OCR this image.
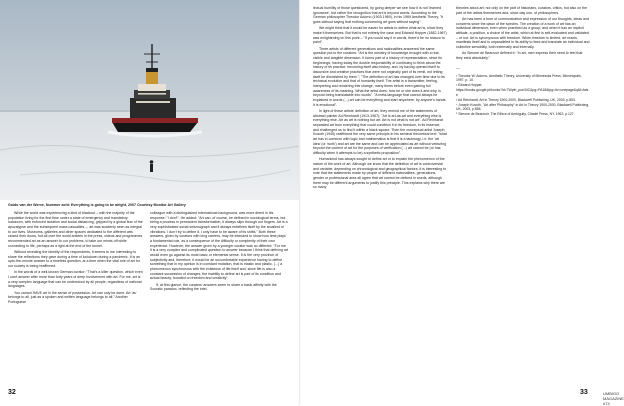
Guido van der Werve, Nummer acht: Everything is going to be alright, 2007 Courtesy Monitor Art Gallery

While the world was experiencing a kind of blackout – with the majority of the population living for the first time under a state of emergency and mandatory lockdown, with enforced isolation and social distancing, gripped by a global fear of the apocalypse and the subsequent mass casualties –, art was suddenly seen as integral to our lives. Museums, galleries and other spaces dedicated to the different arts closed their doors, but all over the world articles in the press, videos and programmes recommended art as an answer to our problems, to take our minds off while connecting to life, perhaps as a light at the end of the tunnel.

Without revealing the identity of the respondents, it seems to me interesting to share the reflections they gave during a time of lockdown during a pandemic. It is an upto-the-minute answer to a timeless question, at a time when the vital role of art for our society is being reaffirmed.

In the words of a well-known German curator: "That's a killer question, which even I can't answer after more than forty years of deep involvement with art. For me, art is a very complex language that can be understood by all people, regardless of national languages.

You cannot HAVE art in the sense of possession. Art can only be done. Art 'as' belongs to all, just as a spoken and written language belongs to all." Another Portuguese

colleague with a distinguished international background, was more direct in his response: "I don't". He added: "Art can, of course, be defined in sociological terms, but being a process in permanent transformation, it always slips through our fingers. Art is a very sophisticated social seismograph and it always redefines itself by the smallest of vibrations. I don't try to define it, I only have to be aware of its shifts." Both these answers, given by curators with long careers, may be intended to show how time plays a fundamental role, as a consequence of the difficulty or complexity of their own experience. However, the answer given by a younger curator was no different: "For me it is a very complex and complicated question to answer because I think that defining art would even go against its most basic or elemental sense. It is the very province of subjectivity and, therefore, it would be an uncomfortable experience having to define something that in my opinion is in constant mutation, that is elastic and plastic, (...) a phenomenon synchronous with the existence of life itself and, since life is also a constant succession of changes, the inability to define art is part of its condition and actual beauty, founded on freedom and creativity".

If, at first glance, the curators' answers seem to share a basic affinity with the Socratic paradox, reflecting the intel-

32

lectual humility of those questioned, by going deeper we see how it is not 'learned ignorance', but rather the recognition that art is beyond words. According to the German philosopher Theodor Adorno (1903-1969), in his 1969 Aesthetic Theory, "it goes without saying that nothing concerning art goes without saying".

We might think that it would be easier for artists to define what art is, since they make it themselves. But that is not entirely the case and Edward Hopper (1882-1967) was enlightening on this point – "If you could say it in words, there'd be no reason to paint".

Three artists of different generations and nationalities answered the same question put to the curators: "Art is the ministry of knowledge brought with a real, visible and tangible dimension. It forms part of a history of representation, since its beginnings, having today the double responsibility of continuing to think about the history of its practice, becoming itself also history, and, by having opened itself to discursive and creative practices that were not originally part of its remit, not letting itself be diminished by them."; "The definition of art has changed over time due to its technical evolution and that of humanity itself. The artist is a transmitter, feeling, interpreting and rendering this change, many times before even gaining full awareness of its meaning. What the artist does, how he or she does it and why, is beyond being translatable into words". "A meta-language that cannot always be explained in words (...) art can be everything and start anywhere, by anyone's hands. It is emotional".

In light of these artists' definition of art, they remind me of the statements of abstract painter Ad Reinhardt (1913-1967): "Art is art-as-art and everything else is everything else. Art as art is nothing but art. Art is not what is not art". Ad Reinhardt separated art from everything that could condition it in its freedom, in its essence, and challenged us to find it within a black square. Then the conceptual artist Joseph Kosuth (1945) reaffirmed the very same principle in his seminal theoretical text: "what art has in common with logic and mathematics is that it is a tautology, i.e. the 'art idea' (or 'work') and art are the same and can be appreciated as art without venturing beyond the context of art for the purposes of verification (...) art cannot be (or has difficulty when it attempts to be) a synthetic proposition".

Humankind has always sought to define art or to explain the phenomenon of the nature of the work of art. Although we know that the definition of art is controversial and variable, depending on chronological and geographical factors, it is interesting to note that the statements made by people of different nationalities, generations, gender or professional area all agree that art cannot be defined in words, although there may be different arguments to justify this principle. This explains why there are so many

theories about art: not only on the part of historians, curators, critics, but also on the part of the artists themselves and, since day one, of philosophers.

Art has been a form of communication and expression of our thoughts, ideas and concerns since the dawn of the species. The creation of a work of art has an individual dimension, even when practiced as a group; and when it has an implicit attitude, a position, a choice of the artist, which at first is self-evaluated and validated – or not. Art is synonymous with freedom. When freedom is limited, art reacts, manifests itself and is unparalleled in its ability to feed and translate an individual and collective sensibility, both externally and internally.

As Simone de Beauvoir defined it: "In art, men express their need to feel that they exist absolutely."

—
¹ Theodor W. Adorno, Aesthetic Theory, University of Minnesota Press, Minneapolis, 1997, p. 10.
² Edward Hopper,
https://books.google.pt/books?id=7Wpfn_pue34C&pg=PA18&lpg=#v=onepage&q&f=false
³ Ad Reinhardt, Art in Theory 1900-2000, Blackwell Publishing, UK, 2003, p.853.
⁴ Joseph Kosuth, "Art after Philosophy" in Art in Theory 1900-2000, Blackwell Publishing, UK, 2003, p.855.
⁵ Simone de Beauvoir, The Ethics of Ambiguity, Citadel Press, NY, 1962, p.127.
UMBIGO MAGAZINE #74
33
